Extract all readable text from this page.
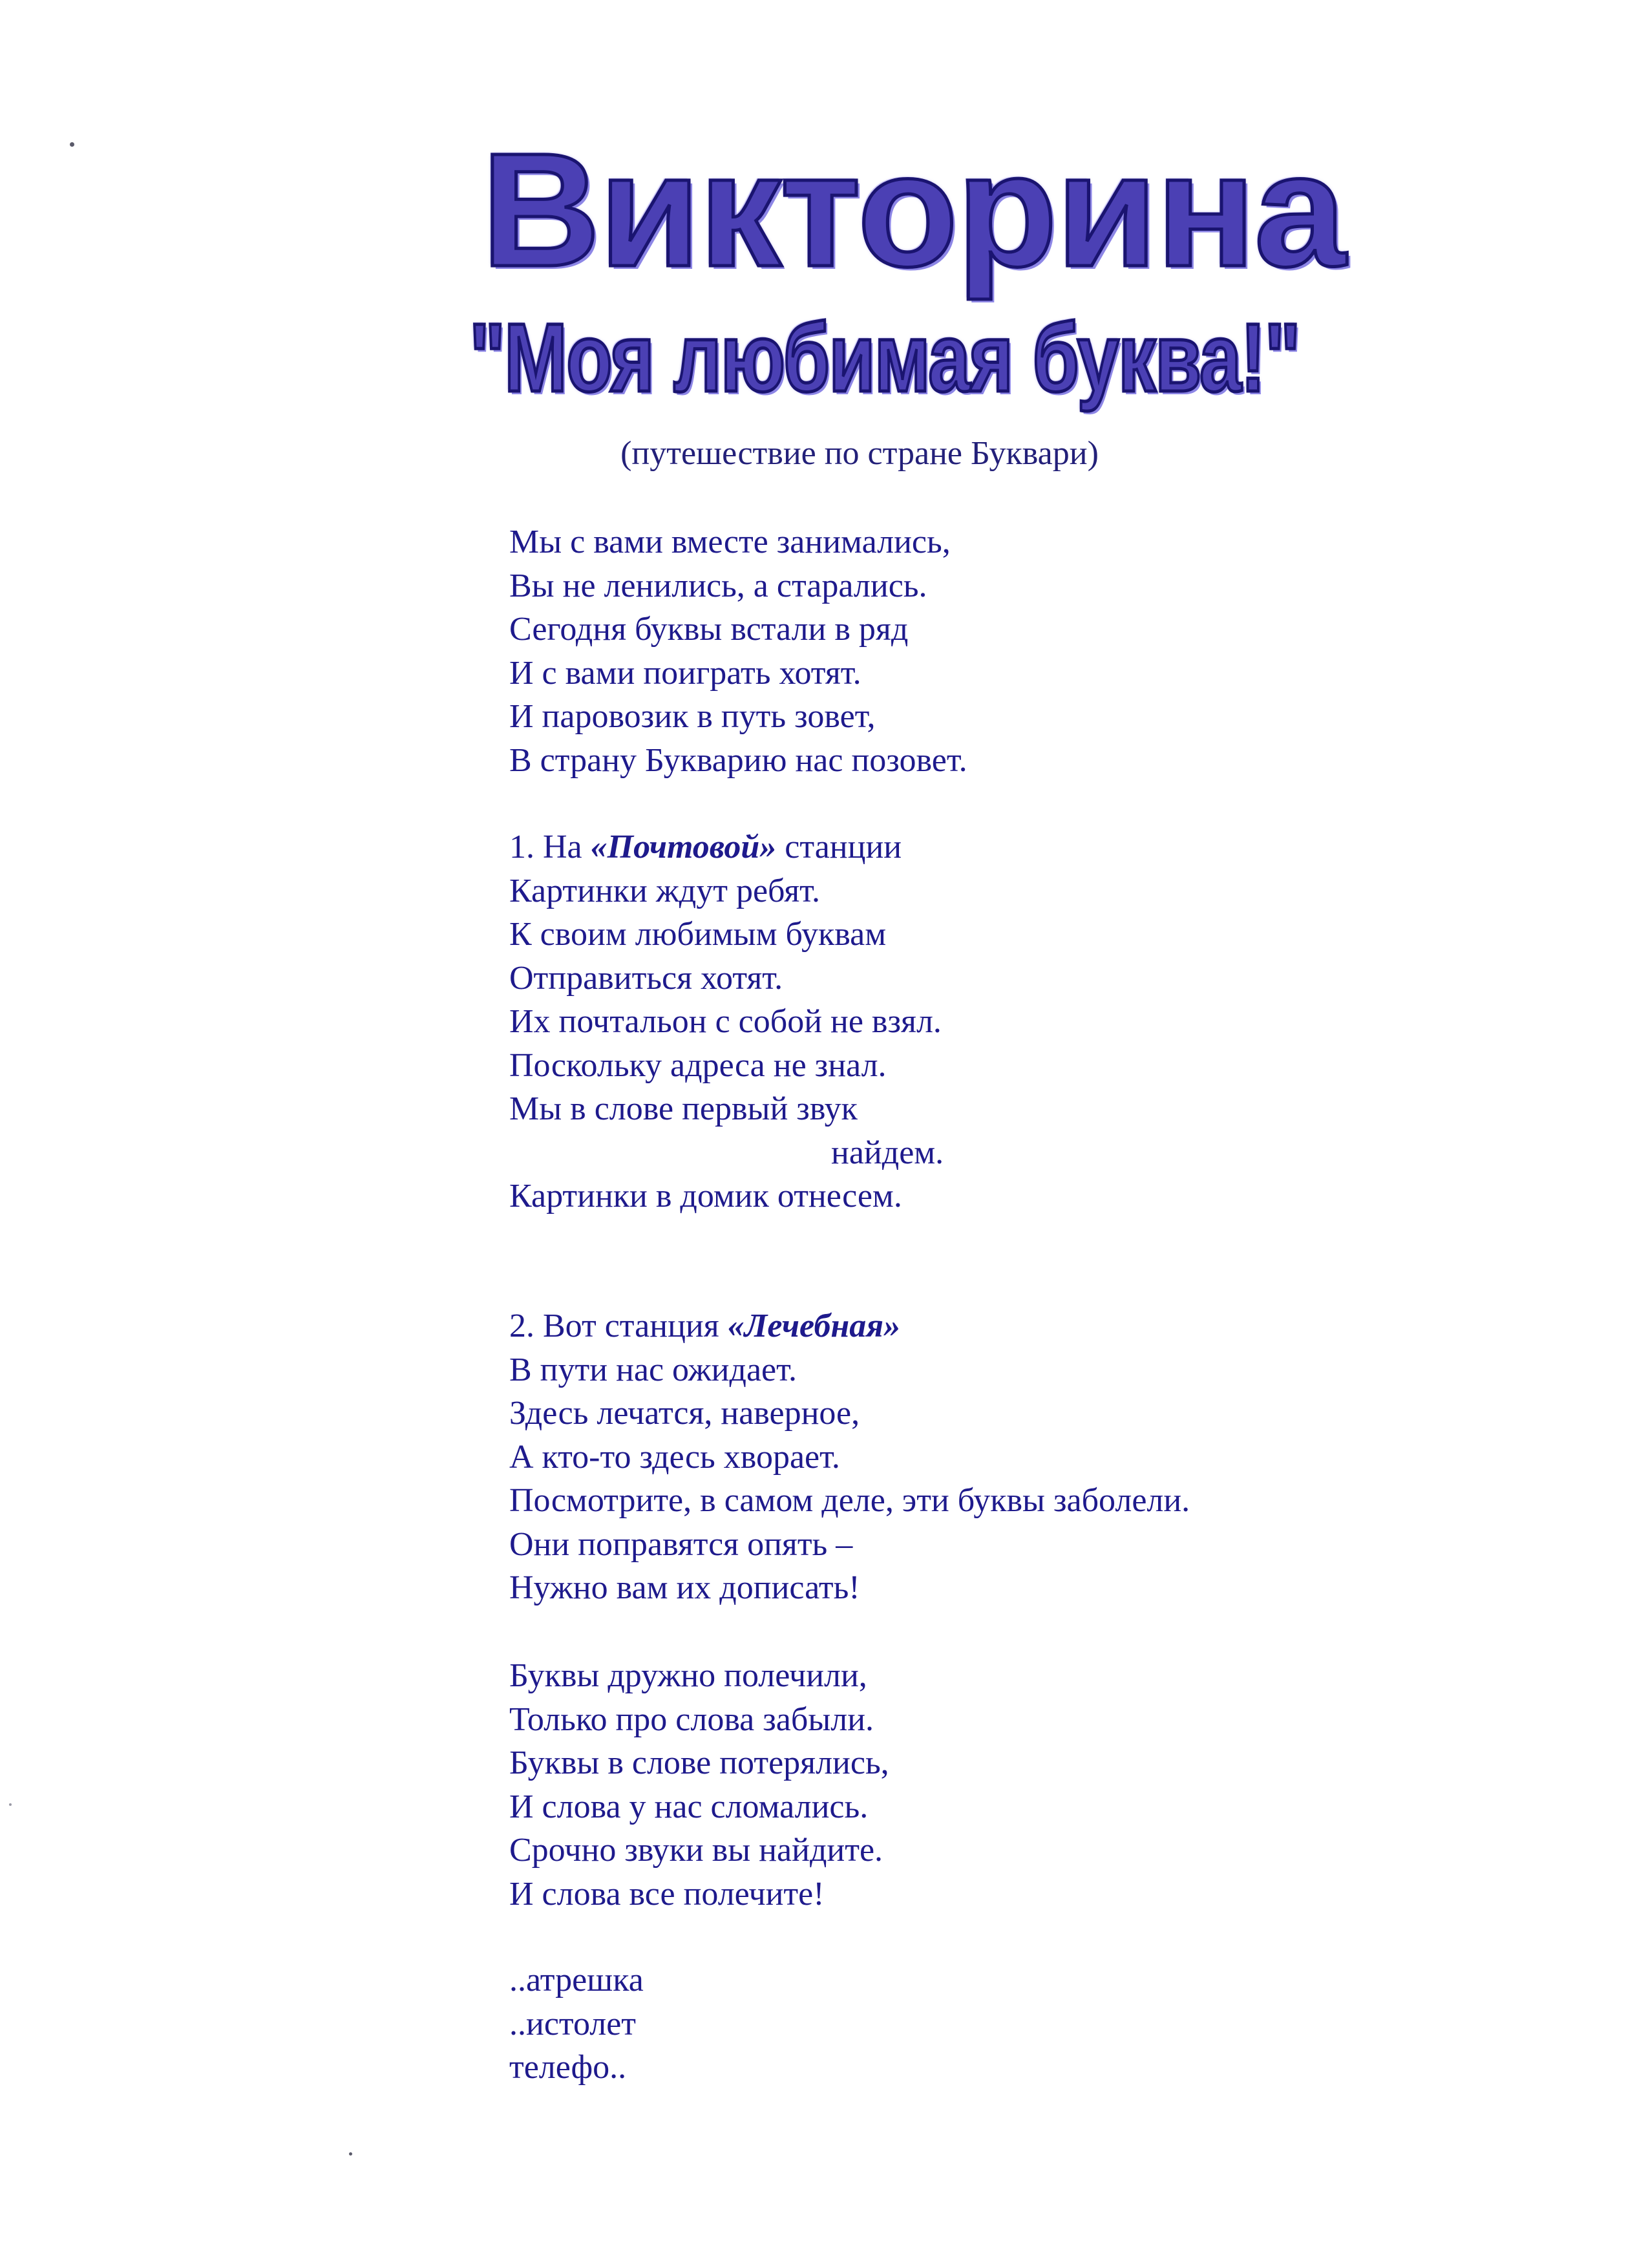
Викторина
"Моя любимая буква!"
(путешествие по стране Буквари)
Мы с вами вместе занимались,
Вы не ленились, а старались.
Сегодня буквы встали в ряд
И с вами поиграть хотят.
И паровозик в путь зовет,
В страну Букварию нас позовет.
1. На «Почтовой» станции
Картинки ждут ребят.
К своим любимым буквам
Отправиться хотят.
Их почтальон с собой не взял.
Поскольку адреса не знал.
Мы в слове первый звук
найдем.
Картинки в домик отнесем.
2. Вот станция «Лечебная»
В пути нас ожидает.
Здесь лечатся, наверное,
А кто-то здесь хворает.
Посмотрите, в самом деле, эти буквы заболели.
Они поправятся опять –
Нужно вам их дописать!
Буквы дружно полечили,
Только про слова забыли.
Буквы в слове потерялись,
И слова у нас сломались.
Срочно звуки вы найдите.
И слова все полечите!
..атрешка
..истолет
телефо..
